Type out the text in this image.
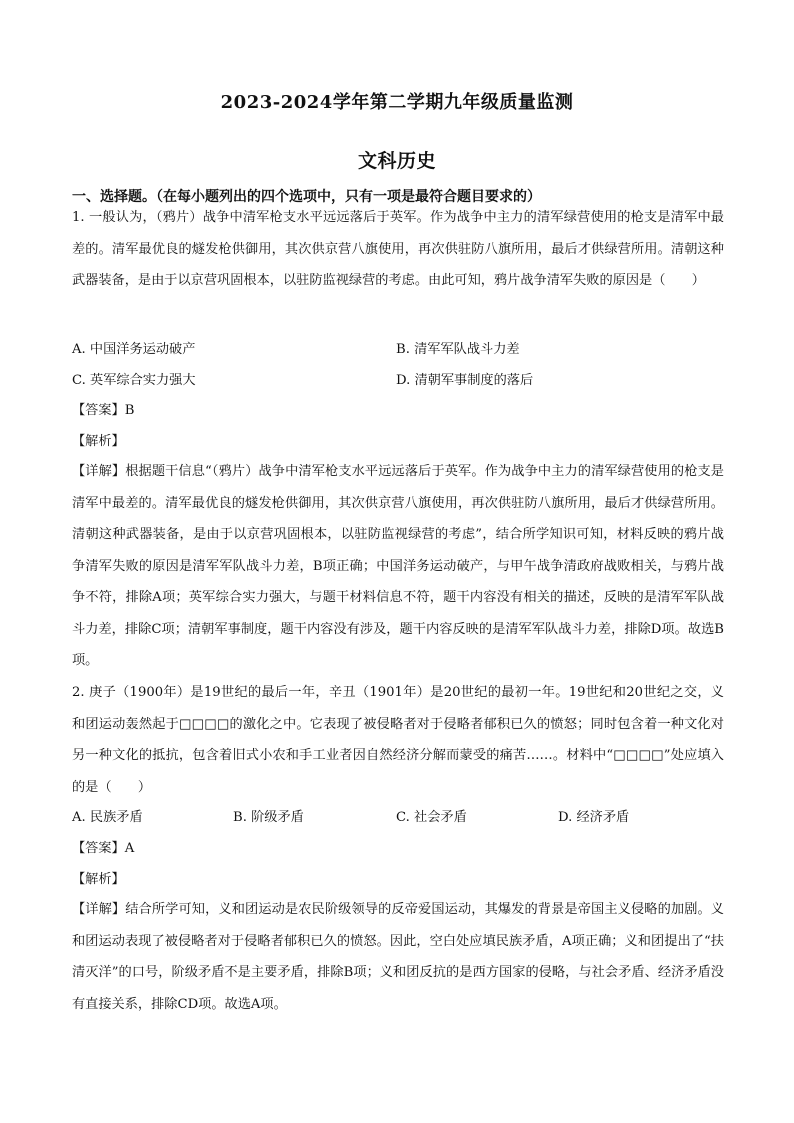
2023-2024学年第二学期九年级质量监测
文科历史
一、选择题。（在每小题列出的四个选项中，只有一项是最符合题目要求的）
1. 一般认为，（鸦片）战争中清军枪支水平远远落后于英军。作为战争中主力的清军绿营使用的枪支是清军中最差的。清军最优良的燧发枪供御用，其次供京营八旗使用，再次供驻防八旗所用，最后才供绿营所用。清朝这种武器装备，是由于以京营巩固根本，以驻防监视绿营的考虑。由此可知，鸦片战争清军失败的原因是（　　）
A. 中国洋务运动破产	B. 清军军队战斗力差
C. 英军综合实力强大	D. 清朝军事制度的落后
【答案】B
【解析】
【详解】根据题干信息“（鸦片）战争中清军枪支水平远远落后于英军。作为战争中主力的清军绿营使用的枪支是清军中最差的。清军最优良的燧发枪供御用，其次供京营八旗使用，再次供驻防八旗所用，最后才供绿营所用。清朝这种武器装备，是由于以京营巩固根本，以驻防监视绿营的考虑”，结合所学知识可知，材料反映的鸦片战争清军失败的原因是清军军队战斗力差，B项正确；中国洋务运动破产，与甲午战争清政府战败相关，与鸦片战争不符，排除A项；英军综合实力强大，与题干材料信息不符，题干内容没有相关的描述，反映的是清军军队战斗力差，排除C项；清朝军事制度，题干内容没有涉及，题干内容反映的是清军军队战斗力差，排除D项。故选B项。
2. 庚子（1900年）是19世纪的最后一年，辛丑（1901年）是20世纪的最初一年。19世纪和20世纪之交，义和团运动轰然起于□□□□的激化之中。它表现了被侵略者对于侵略者郁积已久的愤怒；同时包含着一种文化对另一种文化的抵抗，包含着旧式小农和手工业者因自然经济分解而蒙受的痛苦……。材料中“□□□□”处应填入的是（　　）
A. 民族矛盾	B. 阶级矛盾	C. 社会矛盾	D. 经济矛盾
【答案】A
【解析】
【详解】结合所学可知，义和团运动是农民阶级领导的反帝爱国运动，其爆发的背景是帝国主义侵略的加剧。义和团运动表现了被侵略者对于侵略者郁积已久的愤怒。因此，空白处应填民族矛盾，A项正确；义和团提出了“扶清灭洋”的口号，阶级矛盾不是主要矛盾，排除B项；义和团反抗的是西方国家的侵略，与社会矛盾、经济矛盾没有直接关系，排除CD项。故选A项。
